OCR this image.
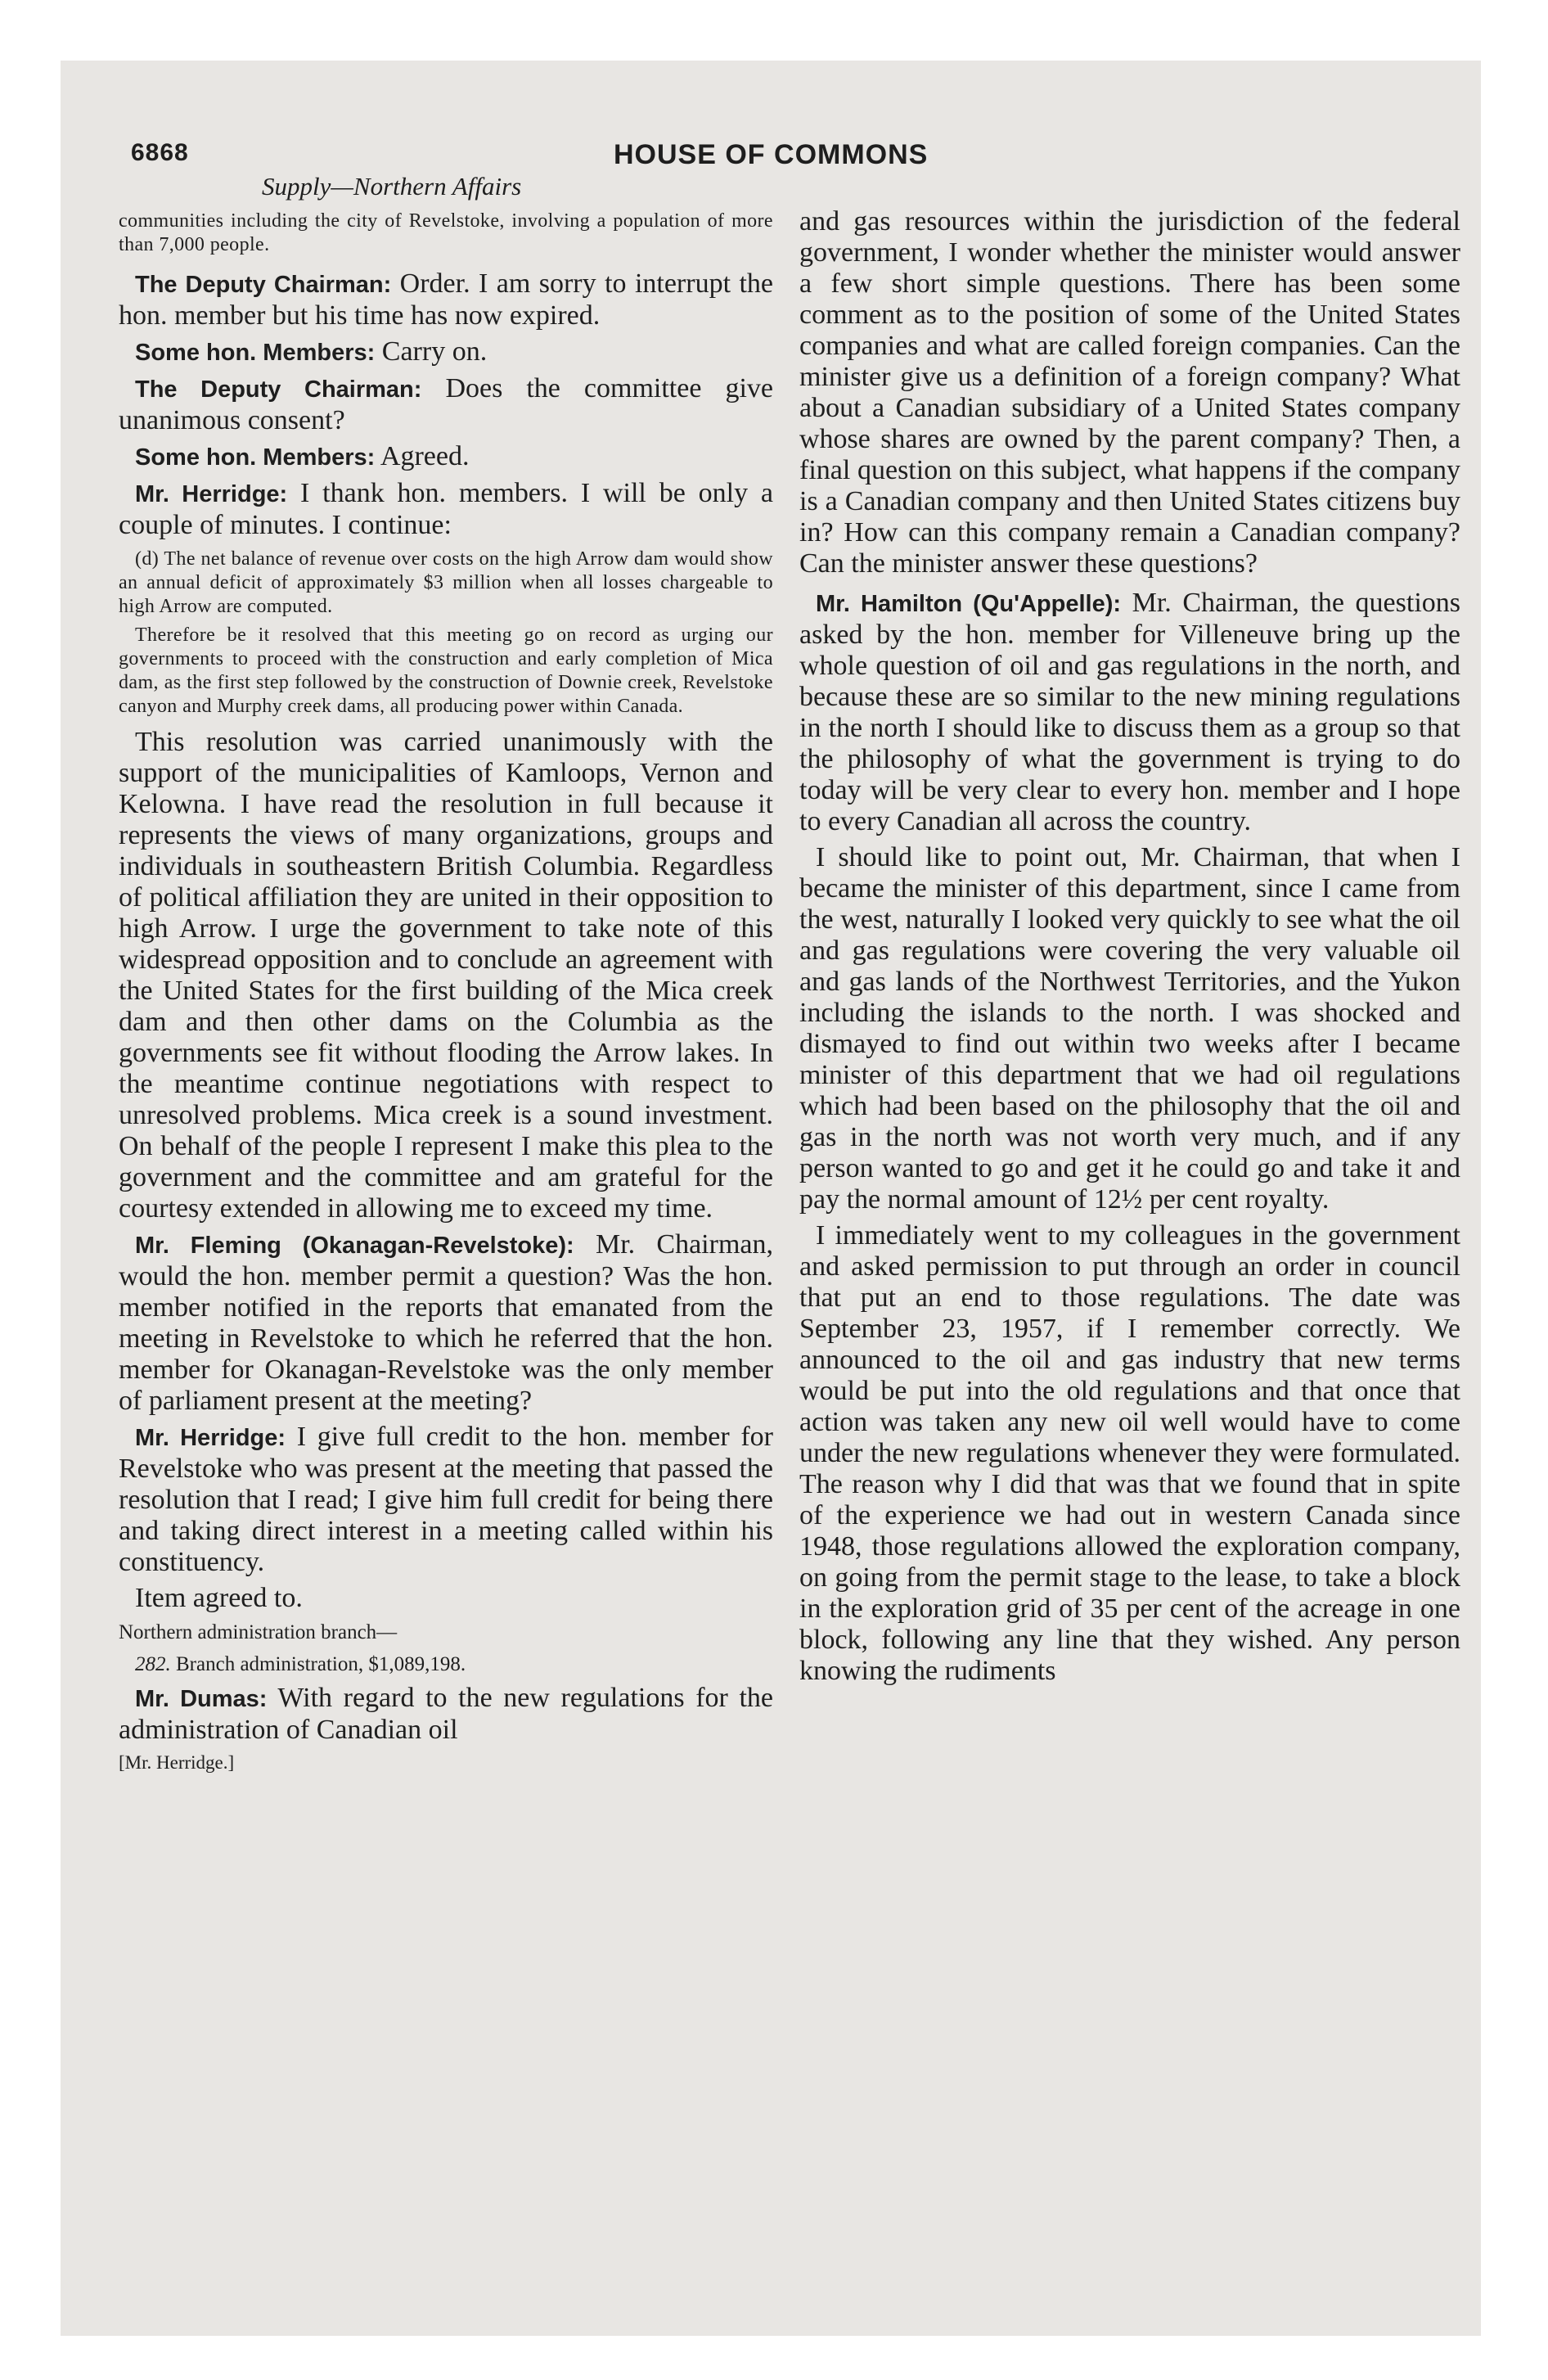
6868	HOUSE OF COMMONS
Supply—Northern Affairs

communities including the city of Revelstoke, involving a population of more than 7,000 people.

The Deputy Chairman: Order. I am sorry to interrupt the hon. member but his time has now expired.

Some hon. Members: Carry on.

The Deputy Chairman: Does the committee give unanimous consent?

Some hon. Members: Agreed.

Mr. Herridge: I thank hon. members. I will be only a couple of minutes. I continue:

(d) The net balance of revenue over costs on the high Arrow dam would show an annual deficit of approximately $3 million when all losses chargeable to high Arrow are computed.

Therefore be it resolved that this meeting go on record as urging our governments to proceed with the construction and early completion of Mica dam, as the first step followed by the construction of Downie creek, Revelstoke canyon and Murphy creek dams, all producing power within Canada.

This resolution was carried unanimously with the support of the municipalities of Kamloops, Vernon and Kelowna. I have read the resolution in full because it represents the views of many organizations, groups and individuals in southeastern British Columbia. Regardless of political affiliation they are united in their opposition to high Arrow. I urge the government to take note of this widespread opposition and to conclude an agreement with the United States for the first building of the Mica creek dam and then other dams on the Columbia as the governments see fit without flooding the Arrow lakes. In the meantime continue negotiations with respect to unresolved problems. Mica creek is a sound investment. On behalf of the people I represent I make this plea to the government and the committee and am grateful for the courtesy extended in allowing me to exceed my time.

Mr. Fleming (Okanagan-Revelstoke): Mr. Chairman, would the hon. member permit a question? Was the hon. member notified in the reports that emanated from the meeting in Revelstoke to which he referred that the hon. member for Okanagan-Revelstoke was the only member of parliament present at the meeting?

Mr. Herridge: I give full credit to the hon. member for Revelstoke who was present at the meeting that passed the resolution that I read; I give him full credit for being there and taking direct interest in a meeting called within his constituency.

Item agreed to.

Northern administration branch—

282. Branch administration, $1,089,198.

Mr. Dumas: With regard to the new regulations for the administration of Canadian oil

[Mr. Herridge.]

and gas resources within the jurisdiction of the federal government, I wonder whether the minister would answer a few short simple questions. There has been some comment as to the position of some of the United States companies and what are called foreign companies. Can the minister give us a definition of a foreign company? What about a Canadian subsidiary of a United States company whose shares are owned by the parent company? Then, a final question on this subject, what happens if the company is a Canadian company and then United States citizens buy in? How can this company remain a Canadian company? Can the minister answer these questions?

Mr. Hamilton (Qu'Appelle): Mr. Chairman, the questions asked by the hon. member for Villeneuve bring up the whole question of oil and gas regulations in the north, and because these are so similar to the new mining regulations in the north I should like to discuss them as a group so that the philosophy of what the government is trying to do today will be very clear to every hon. member and I hope to every Canadian all across the country.

I should like to point out, Mr. Chairman, that when I became the minister of this department, since I came from the west, naturally I looked very quickly to see what the oil and gas regulations were covering the very valuable oil and gas lands of the Northwest Territories, and the Yukon including the islands to the north. I was shocked and dismayed to find out within two weeks after I became minister of this department that we had oil regulations which had been based on the philosophy that the oil and gas in the north was not worth very much, and if any person wanted to go and get it he could go and take it and pay the normal amount of 12½ per cent royalty.

I immediately went to my colleagues in the government and asked permission to put through an order in council that put an end to those regulations. The date was September 23, 1957, if I remember correctly. We announced to the oil and gas industry that new terms would be put into the old regulations and that once that action was taken any new oil well would have to come under the new regulations whenever they were formulated. The reason why I did that was that we found that in spite of the experience we had out in western Canada since 1948, those regulations allowed the exploration company, on going from the permit stage to the lease, to take a block in the exploration grid of 35 per cent of the acreage in one block, following any line that they wished. Any person knowing the rudiments
